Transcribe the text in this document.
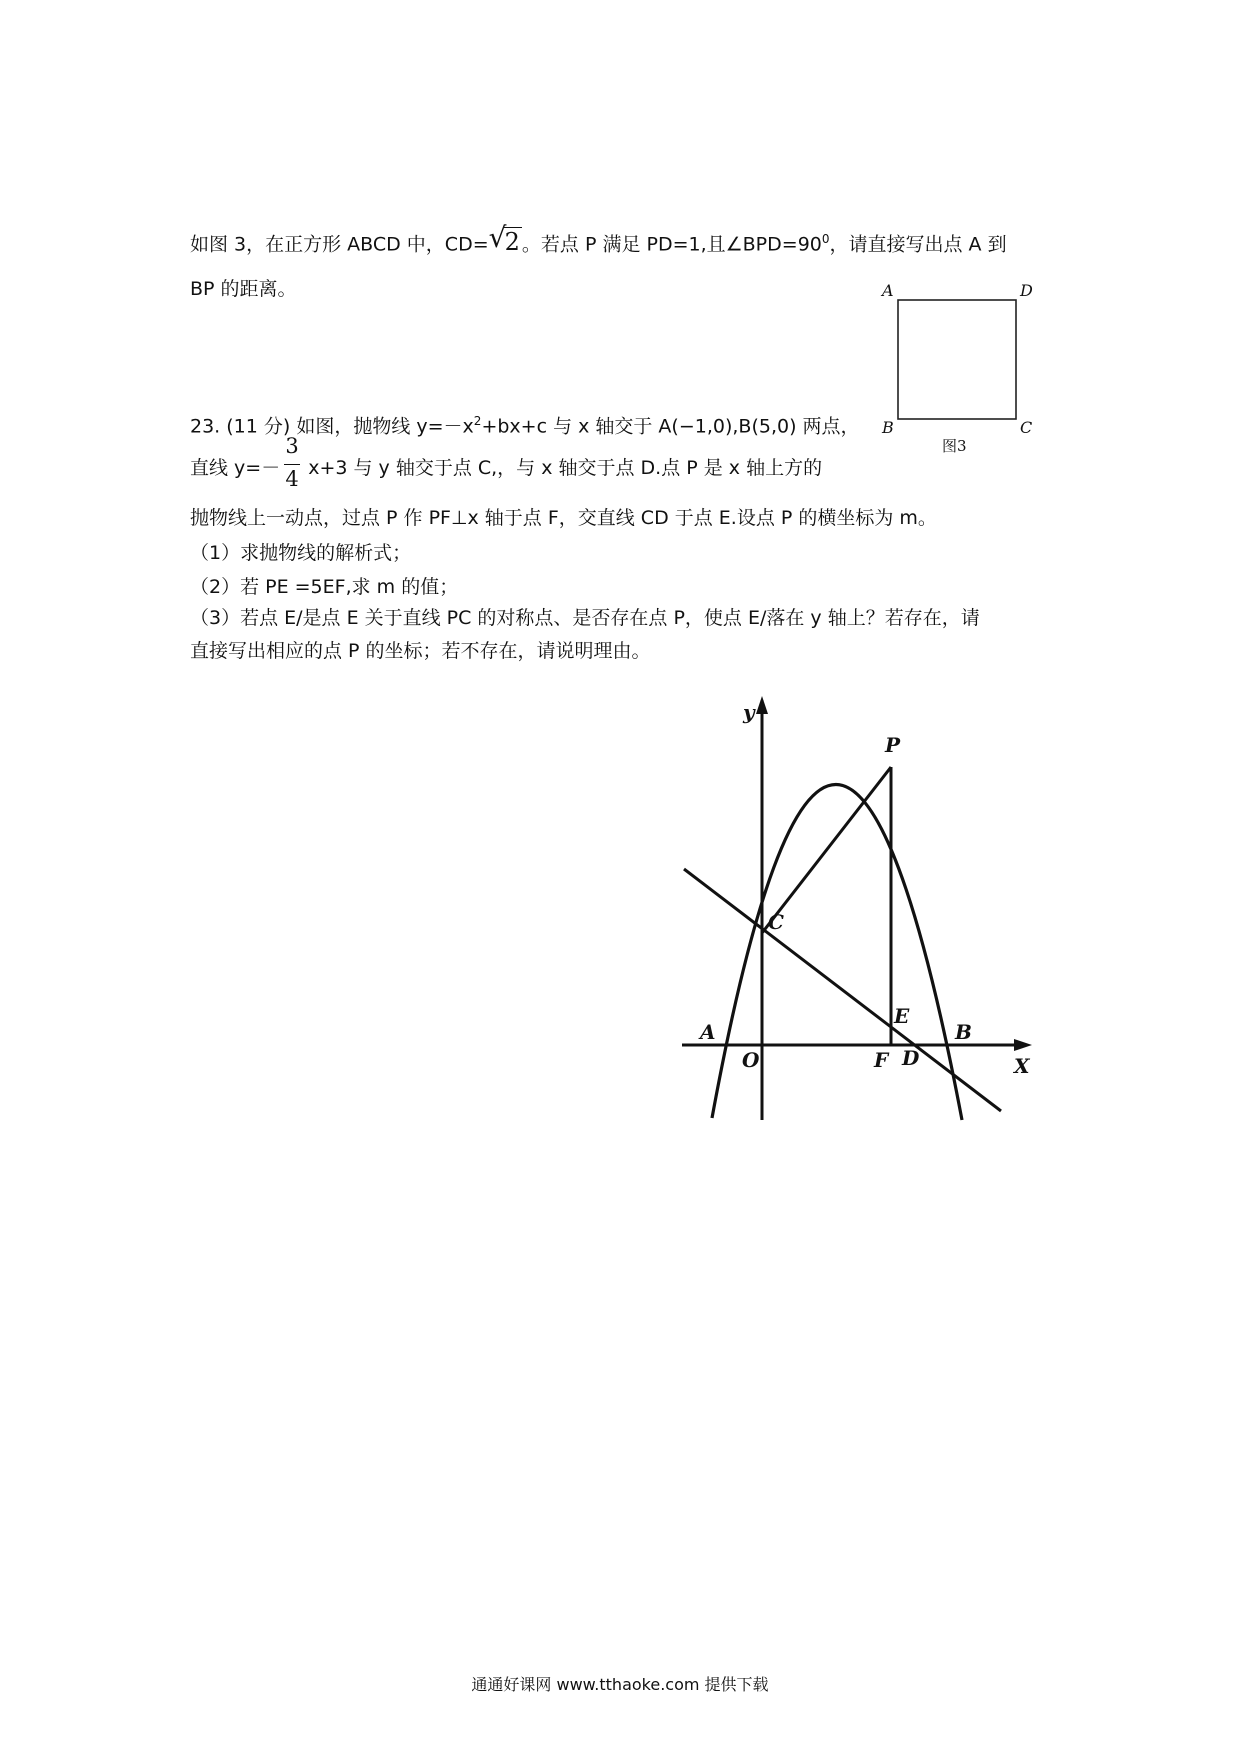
如图 3，在正方形 ABCD 中，CD= √
2 。若点 P 满足 PD=1,且$\angle BPD=90^0$，请直接写出点 A 到
BP 的距离。	A	D
B	C
图3
23. (11 分) 如图，抛物线 $y=-x^2+bx+c$ 与 x 轴交于 A(−1,0),B(5,0) 两点，
直线 y=－ x+3 与 y 轴交于点 C,，与 x 轴交于点 D.点 P 是 x 轴上方的
3
4
抛物线上一动点，过点 P 作 PF⊥x 轴于点 F，交直线 CD 于点 E.设点 P 的横坐标为 m。
（1）求抛物线的解析式；
（2）若 PE =5EF,求 m 的值；
（3）若点 E/是点 E 关于直线 PC 的对称点、是否存在点 P，使点 E/落在 y 轴上？若存在，请
直接写出相应的点 P 的坐标；若不存在，请说明理由。
y
P
C
E
A
O	F D
B
X
通通好课网 www.tthaoke.com 提供下载
